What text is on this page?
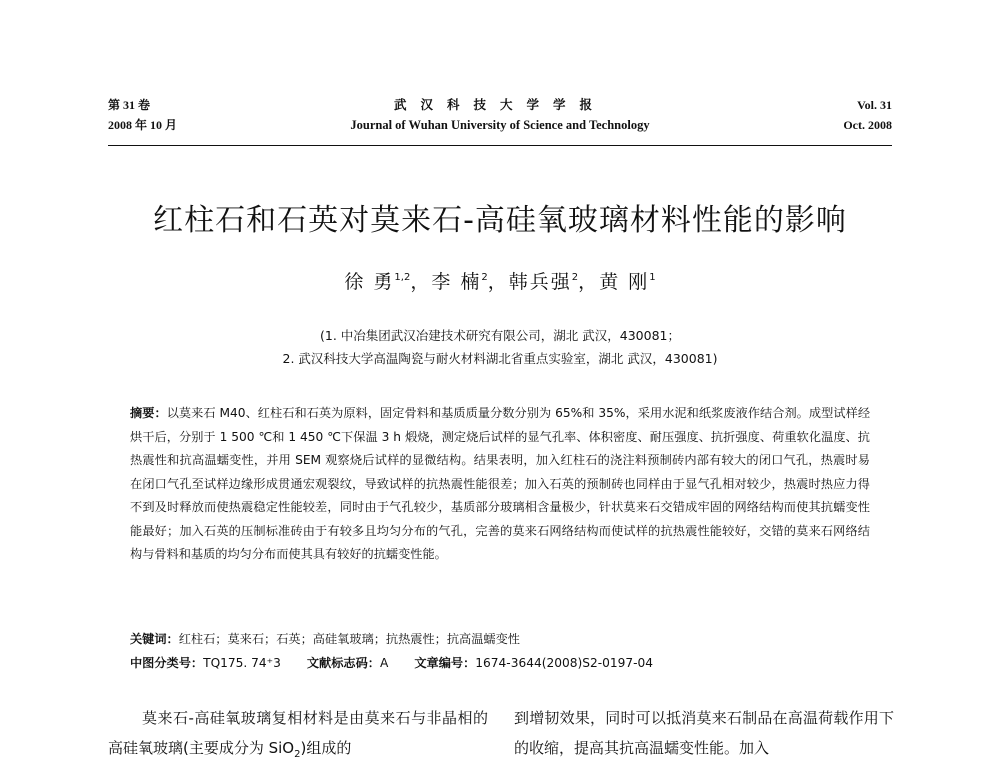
第 31 卷
2008 年 10 月
武汉科技大学学报
Journal of Wuhan University of Science and Technology
Vol. 31
Oct. 2008
红柱石和石英对莫来石-高硅氧玻璃材料性能的影响
徐 勇$^{1,2}$，李 楠$^2$，韩兵强$^2$，黄 刚$^1$
(1. 中冶集团武汉冶建技术研究有限公司，湖北 武汉，430081；
2. 武汉科技大学高温陶瓷与耐火材料湖北省重点实验室，湖北 武汉，430081)
摘要：以莫来石 M40、红柱石和石英为原料，固定骨料和基质质量分数分别为 65%和 35%，采用水泥和纸浆废液作结合剂。成型试样经烘干后，分别于 1 500 ℃和 1 450 ℃下保温 3 h 煅烧，测定烧后试样的显气孔率、体积密度、耐压强度、抗折强度、荷重软化温度、抗热震性和抗高温蠕变性，并用 SEM 观察烧后试样的显微结构。结果表明，加入红柱石的浇注料预制砖内部有较大的闭口气孔，热震时易在闭口气孔至试样边缘形成贯通宏观裂纹，导致试样的抗热震性能很差；加入石英的预制砖也同样由于显气孔相对较少，热震时热应力得不到及时释放而使热震稳定性能较差，同时由于气孔较少，基质部分玻璃相含量极少，针状莫来石交错成牢固的网络结构而使其抗蠕变性能最好；加入石英的压制标准砖由于有较多且均匀分布的气孔，完善的莫来石网络结构而使试样的抗热震性能较好，交错的莫来石网络结构与骨料和基质的均匀分布而使其具有较好的抗蠕变性能。
关键词：红柱石；莫来石；石英；高硅氧玻璃；抗热震性；抗高温蠕变性
中图分类号：TQ175. 74⁺3 文献标志码：A 文章编号：1674-3644(2008)S2-0197-04
莫来石-高硅氧玻璃复相材料是由莫来石与非晶相的高硅氧玻璃(主要成分为 SiO$_2$)组成的
到增韧效果，同时可以抵消莫来石制品在高温荷载作用下的收缩，提高其抗高温蠕变性能。加入
